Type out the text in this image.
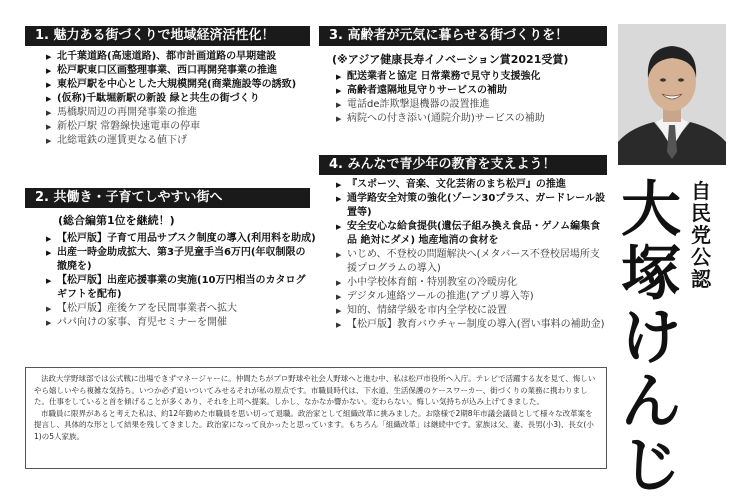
1. 魅力ある街づくりで地域経済活性化！
▶ 北千葉道路(高速道路)、都市計画道路の早期建設
▶ 松戸駅東口区画整理事業、西口再開発事業の推進
▶ 東松戸駅を中心とした大規模開発(商業施設等の誘致)
▶ (仮称)千駄堀新駅の新設 緑と共生の街づくり
▶ 馬橋駅周辺の再開発事業の推進
▶ 新松戸駅 常磐線快速電車の停車
▶ 北総電鉄の運賃更なる値下げ
2. 共働き・子育てしやすい街へ
(総合編第1位を継続！)
▶ 【松戸版】子育て用品サブスク制度の導入(利用料を助成)
▶ 出産一時金助成拡大、第3子児童手当6万円(年収制限の撤廃を)
▶ 【松戸版】出産応援事業の実施(10万円相当のカタログギフトを配布)
▶ 【松戸版】産後ケアを民間事業者へ拡大
▶ パパ向けの家事、育児セミナーを開催
3. 高齢者が元気に暮らせる街づくりを！
(※アジア健康長寿イノベーション賞2021受賞)
▶ 配送業者と協定 日常業務で見守り支援強化
▶ 高齢者遠隔地見守りサービスの補助
▶ 電話de詐欺撃退機器の設置推進
▶ 病院への付き添い(通院介助)サービスの補助
4. みんなで青少年の教育を支えよう！
▶ 『スポーツ、音楽、文化芸術のまち松戸』の推進
▶ 通学路安全対策の強化(ゾーン30プラス、ガードレール設置等)
▶ 安全安心な給食提供(遺伝子組み換え食品・ゲノム編集食品 絶対にダメ) 地産地消の食材を
▶ いじめ、不登校の問題解決へ(メタバース不登校居場所支援プログラムの導入)
▶ 小中学校体育館・特別教室の冷暖房化
▶ デジタル連絡ツールの推進(アプリ導入等)
▶ 知的、情緒学級を市内全学校に設置
▶ 【松戸版】教育バウチャー制度の導入(習い事料の補助金)

法政大学野球部では公式戦に出場できずマネージャーに。仲間たちがプロ野球や社会人野球へと進む中、私は松戸市役所へ入庁。テレビで活躍する友を見て、悔しいやら嬉しいやら複雑な気持ち。いつか必ず追いついてみせるそれが私の原点です。市職員時代は、下水道、生活保護のケースワーカー、街づくりの業務に携わりました。仕事をしていると首を傾げることが多くあり、それを上司へ提案。しかし、なかなか響かない。変わらない。悔しい気持ちが込み上げてきました。

市職員に限界があると考えた私は、約12年勤めた市職員を思い切って退職。政治家として組織改革に挑みました。お陰様で2期8年市議会議員として様々な改革案を提言し、具体的な形として結果を残してきました。政治家になって良かったと思っています。もちろん「組織改革」は継続中です。家族は父、妻、長男(小3)、長女(小1)の5人家族。

自民党公認
大塚けんじ
